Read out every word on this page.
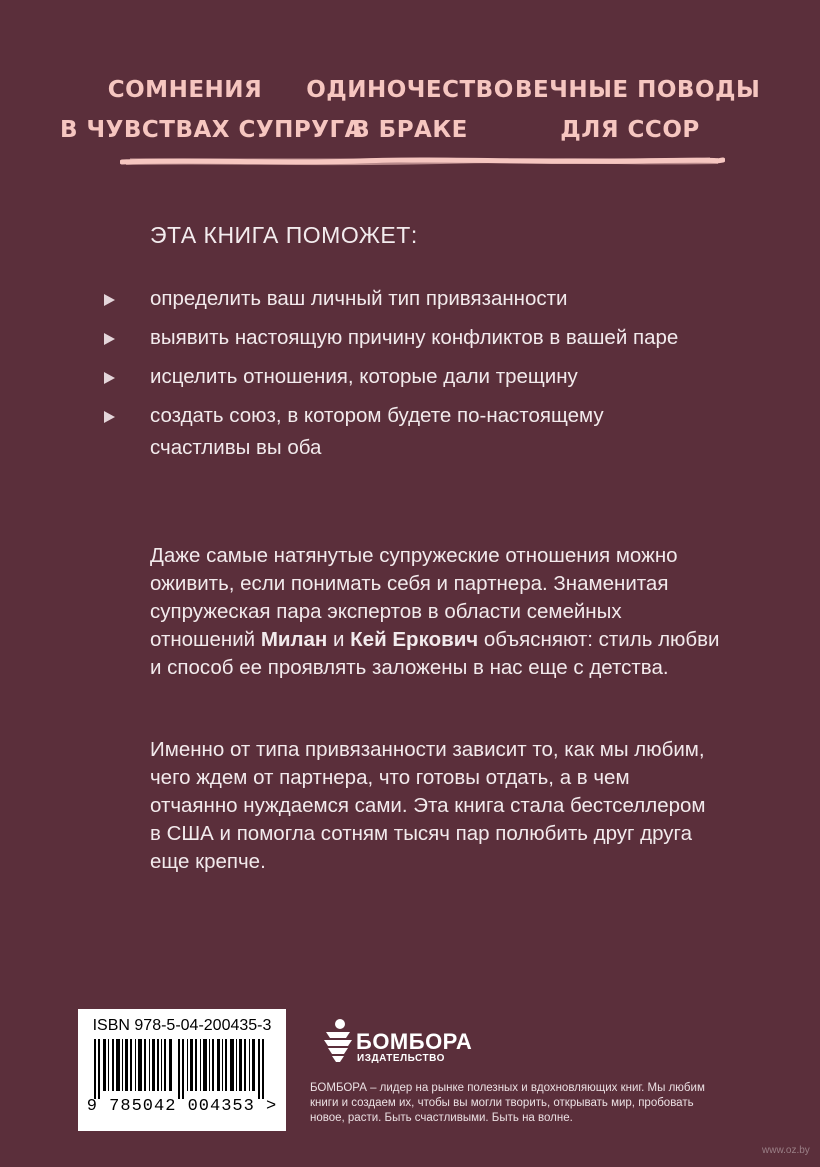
СОМНЕНИЯ
В ЧУВСТВАХ СУПРУГА
ОДИНОЧЕСТВО
В БРАКЕ
ВЕЧНЫЕ ПОВОДЫ
ДЛЯ ССОР
ЭТА КНИГА ПОМОЖЕТ:
определить ваш личный тип привязанности
выявить настоящую причину конфликтов в вашей паре
исцелить отношения, которые дали трещину
создать союз, в котором будете по-настоящему счастливы вы оба
Даже самые натянутые супружеские отношения можно оживить, если понимать себя и партнера. Знаменитая супружеская пара экспертов в области семейных отношений Милан и Кей Еркович объясняют: стиль любви и способ ее проявлять заложены в нас еще с детства.
Именно от типа привязанности зависит то, как мы любим, чего ждем от партнера, что готовы отдать, а в чем отчаянно нуждаемся сами. Эта книга стала бестселлером в США и помогла сотням тысяч пар полюбить друг друга еще крепче.
ISBN 978-5-04-200435-3
9 785042 004353 >
БОМБОРА
ИЗДАТЕЛЬСТВО
БОМБОРА – лидер на рынке полезных и вдохновляющих книг. Мы любим книги и создаем их, чтобы вы могли творить, открывать мир, пробовать новое, расти. Быть счастливыми. Быть на волне.
www.oz.by
